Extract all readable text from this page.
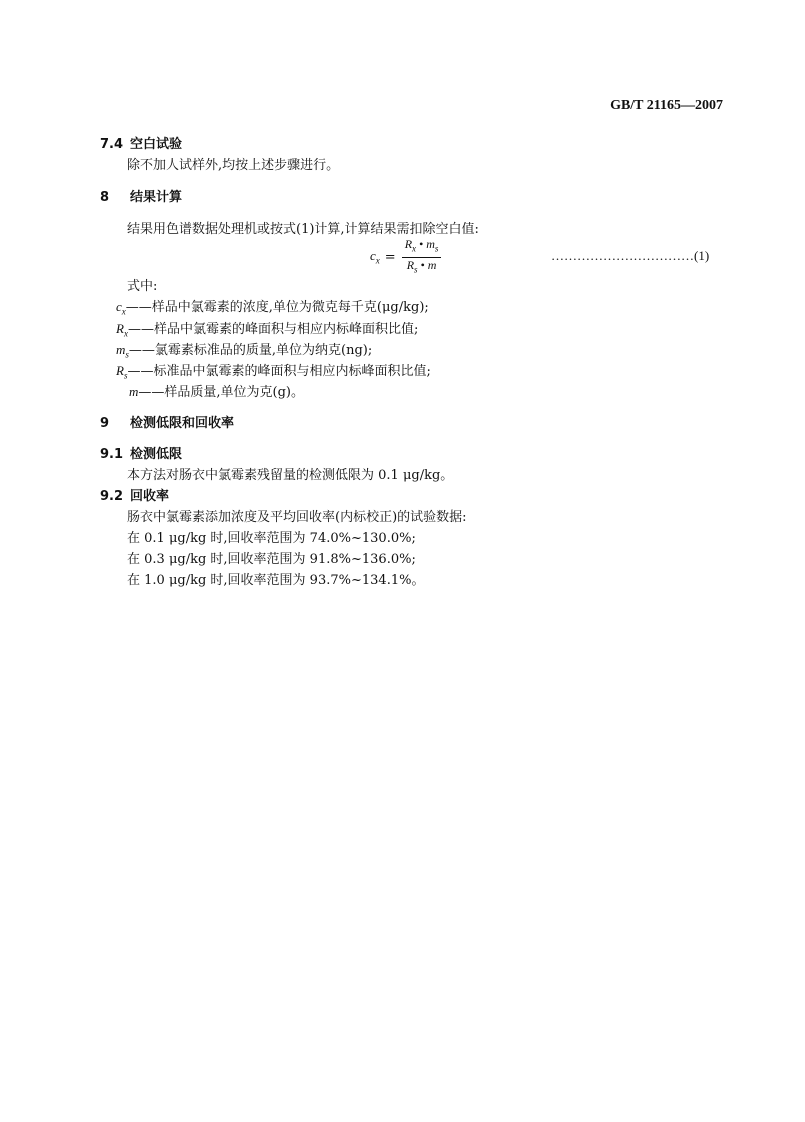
GB/T 21165—2007
7.4 空白试验
除不加人试样外,均按上述步骤进行。
8 结果计算
结果用色谱数据处理机或按式(1)计算,计算结果需扣除空白值:
$c_x = \frac{R_x • m_s}{R_s • m}$	……………………………(1)
式中:
$c_x——$样品中氯霉素的浓度,单位为微克每千克(μg/kg);
$R_x——$样品中氯霉素的峰面积与相应内标峰面积比值;
$m_s——$氯霉素标准品的质量,单位为纳克(ng);
$R_s——$标准品中氯霉素的峰面积与相应内标峰面积比值;
m——样品质量,单位为克(g)。
9 检测低限和回收率
9.1 检测低限
本方法对肠衣中氯霉素残留量的检测低限为 0.1 μg/kg。
9.2 回收率
肠衣中氯霉素添加浓度及平均回收率(内标校正)的试验数据:
在 0.1 μg/kg 时,回收率范围为 74.0%~130.0%;
在 0.3 μg/kg 时,回收率范围为 91.8%~136.0%;
在 1.0 μg/kg 时,回收率范围为 93.7%~134.1%。
